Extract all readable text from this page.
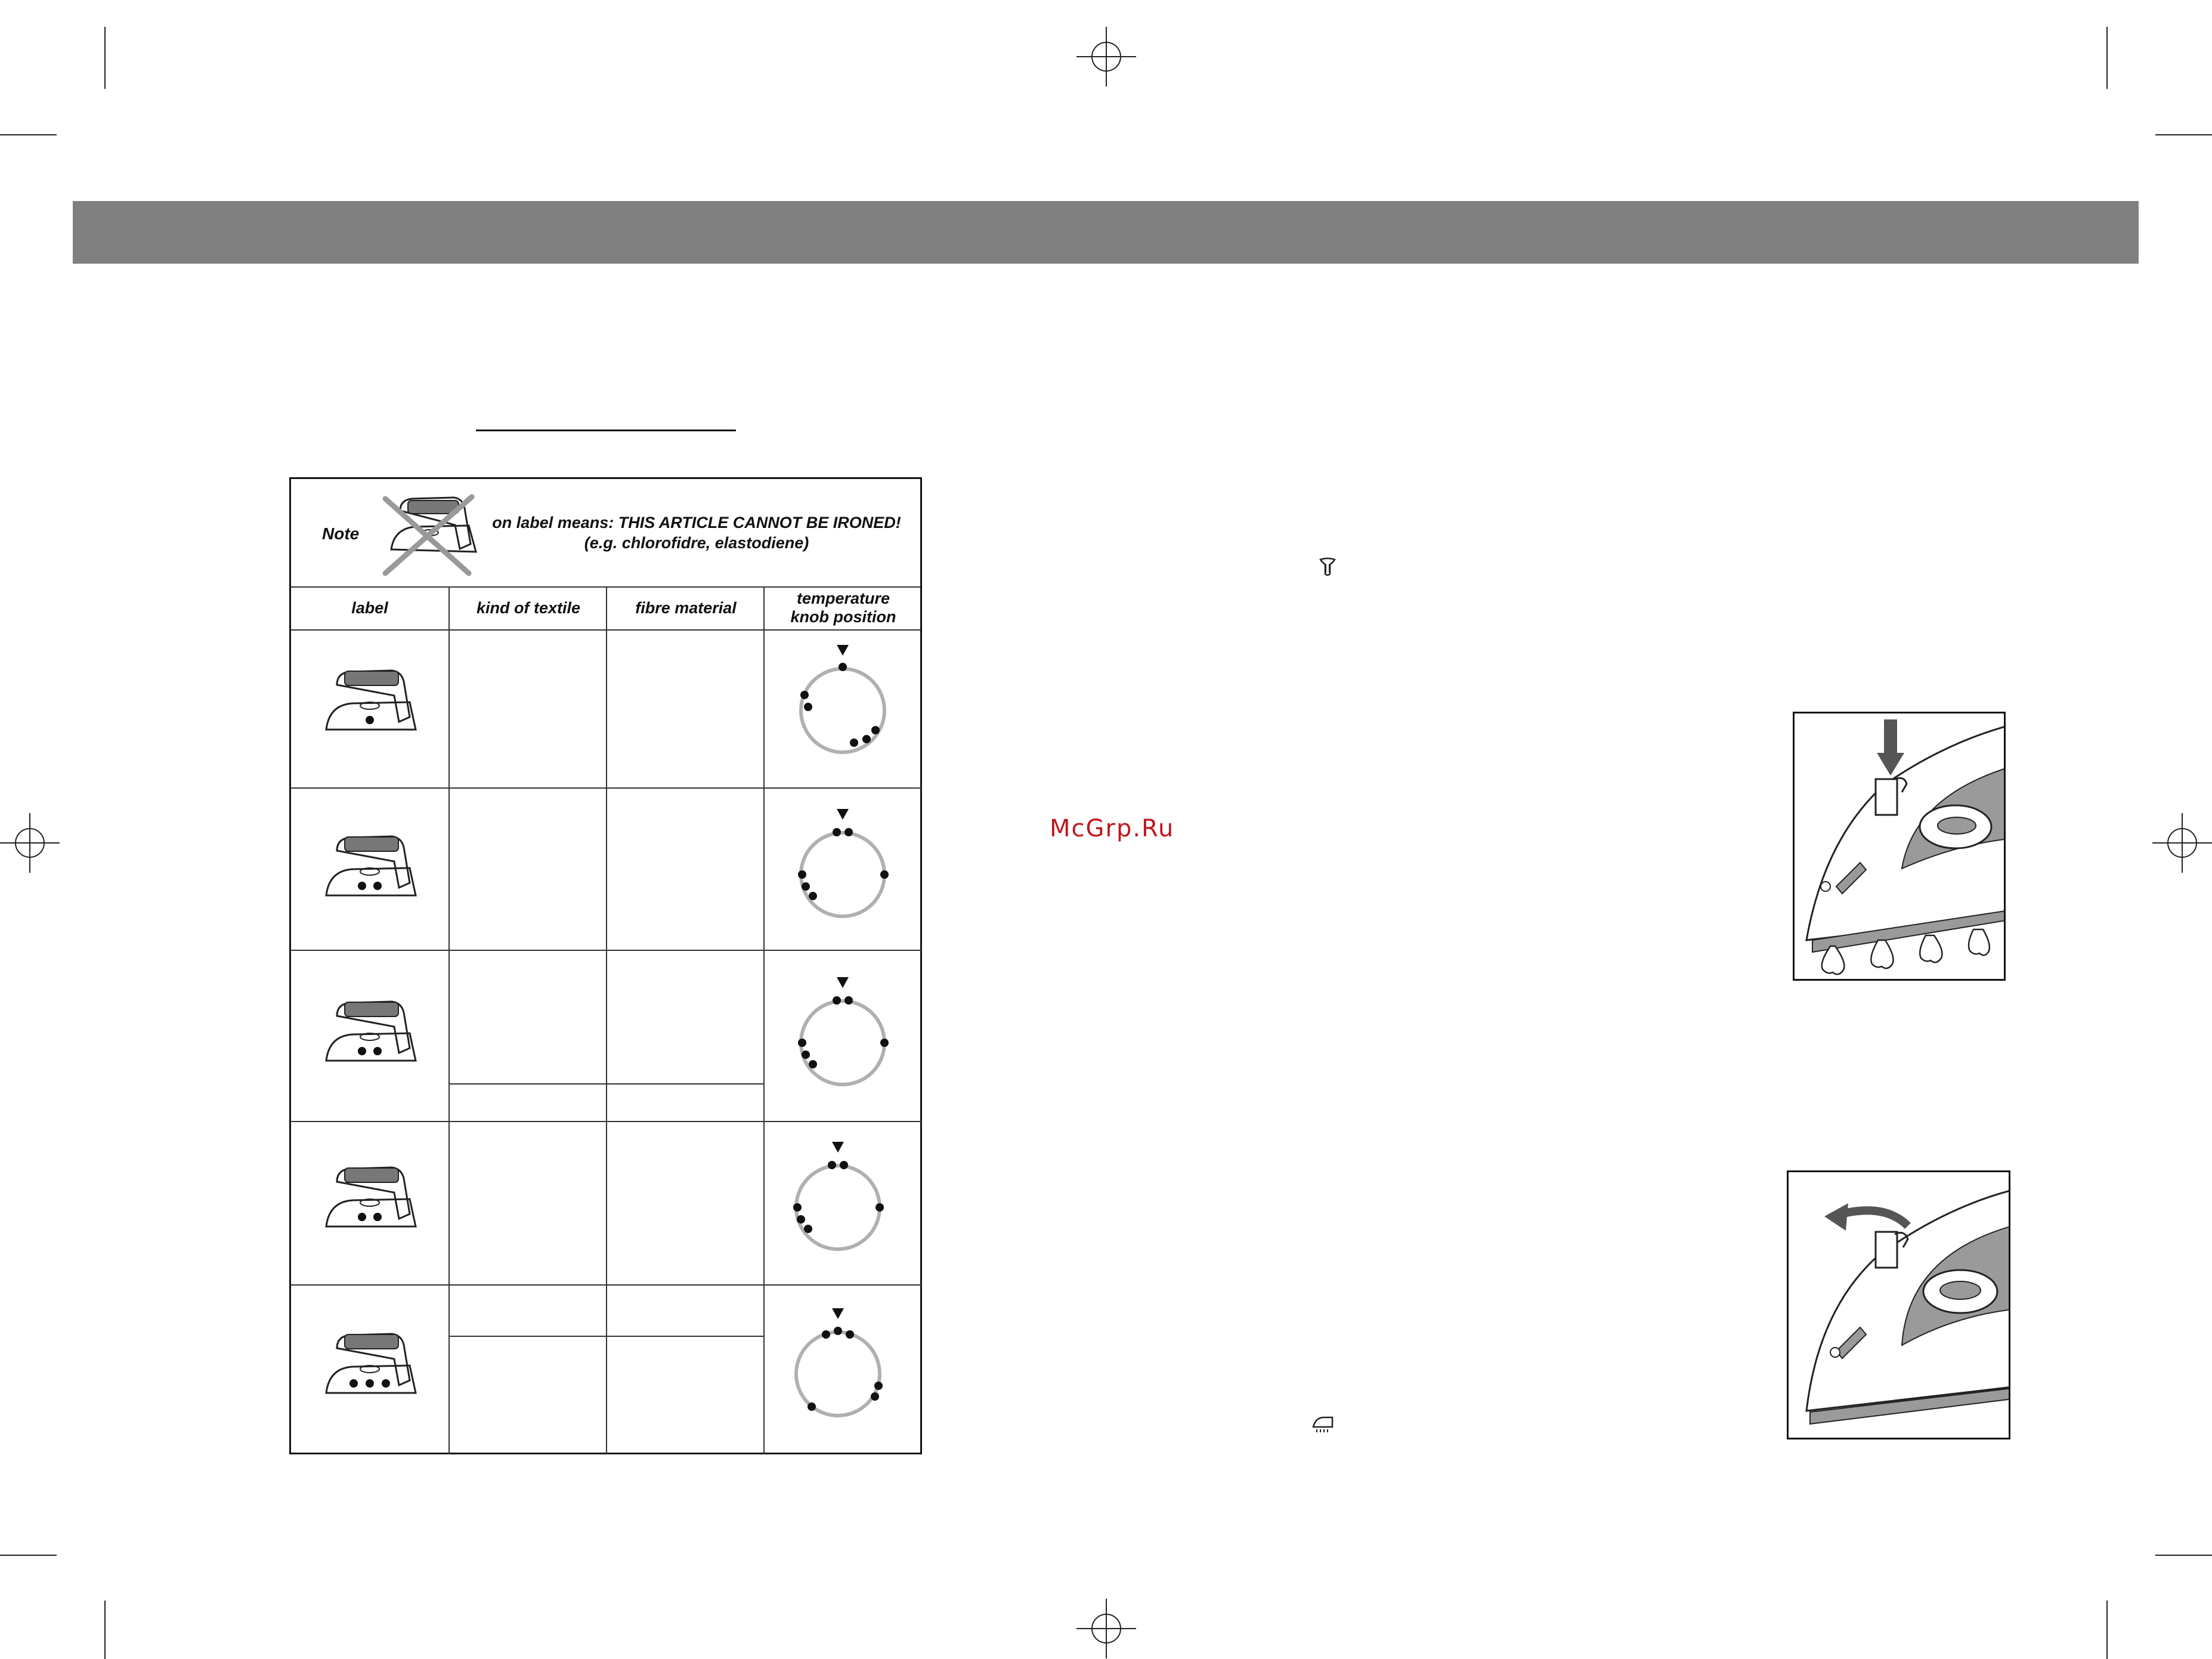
Note
on label means: THIS ARTICLE CANNOT BE IRONED!
(e.g. chlorofidre, elastodiene)
label	kind of textile	fibre material
temperature
knob position
McGrp.Ru
